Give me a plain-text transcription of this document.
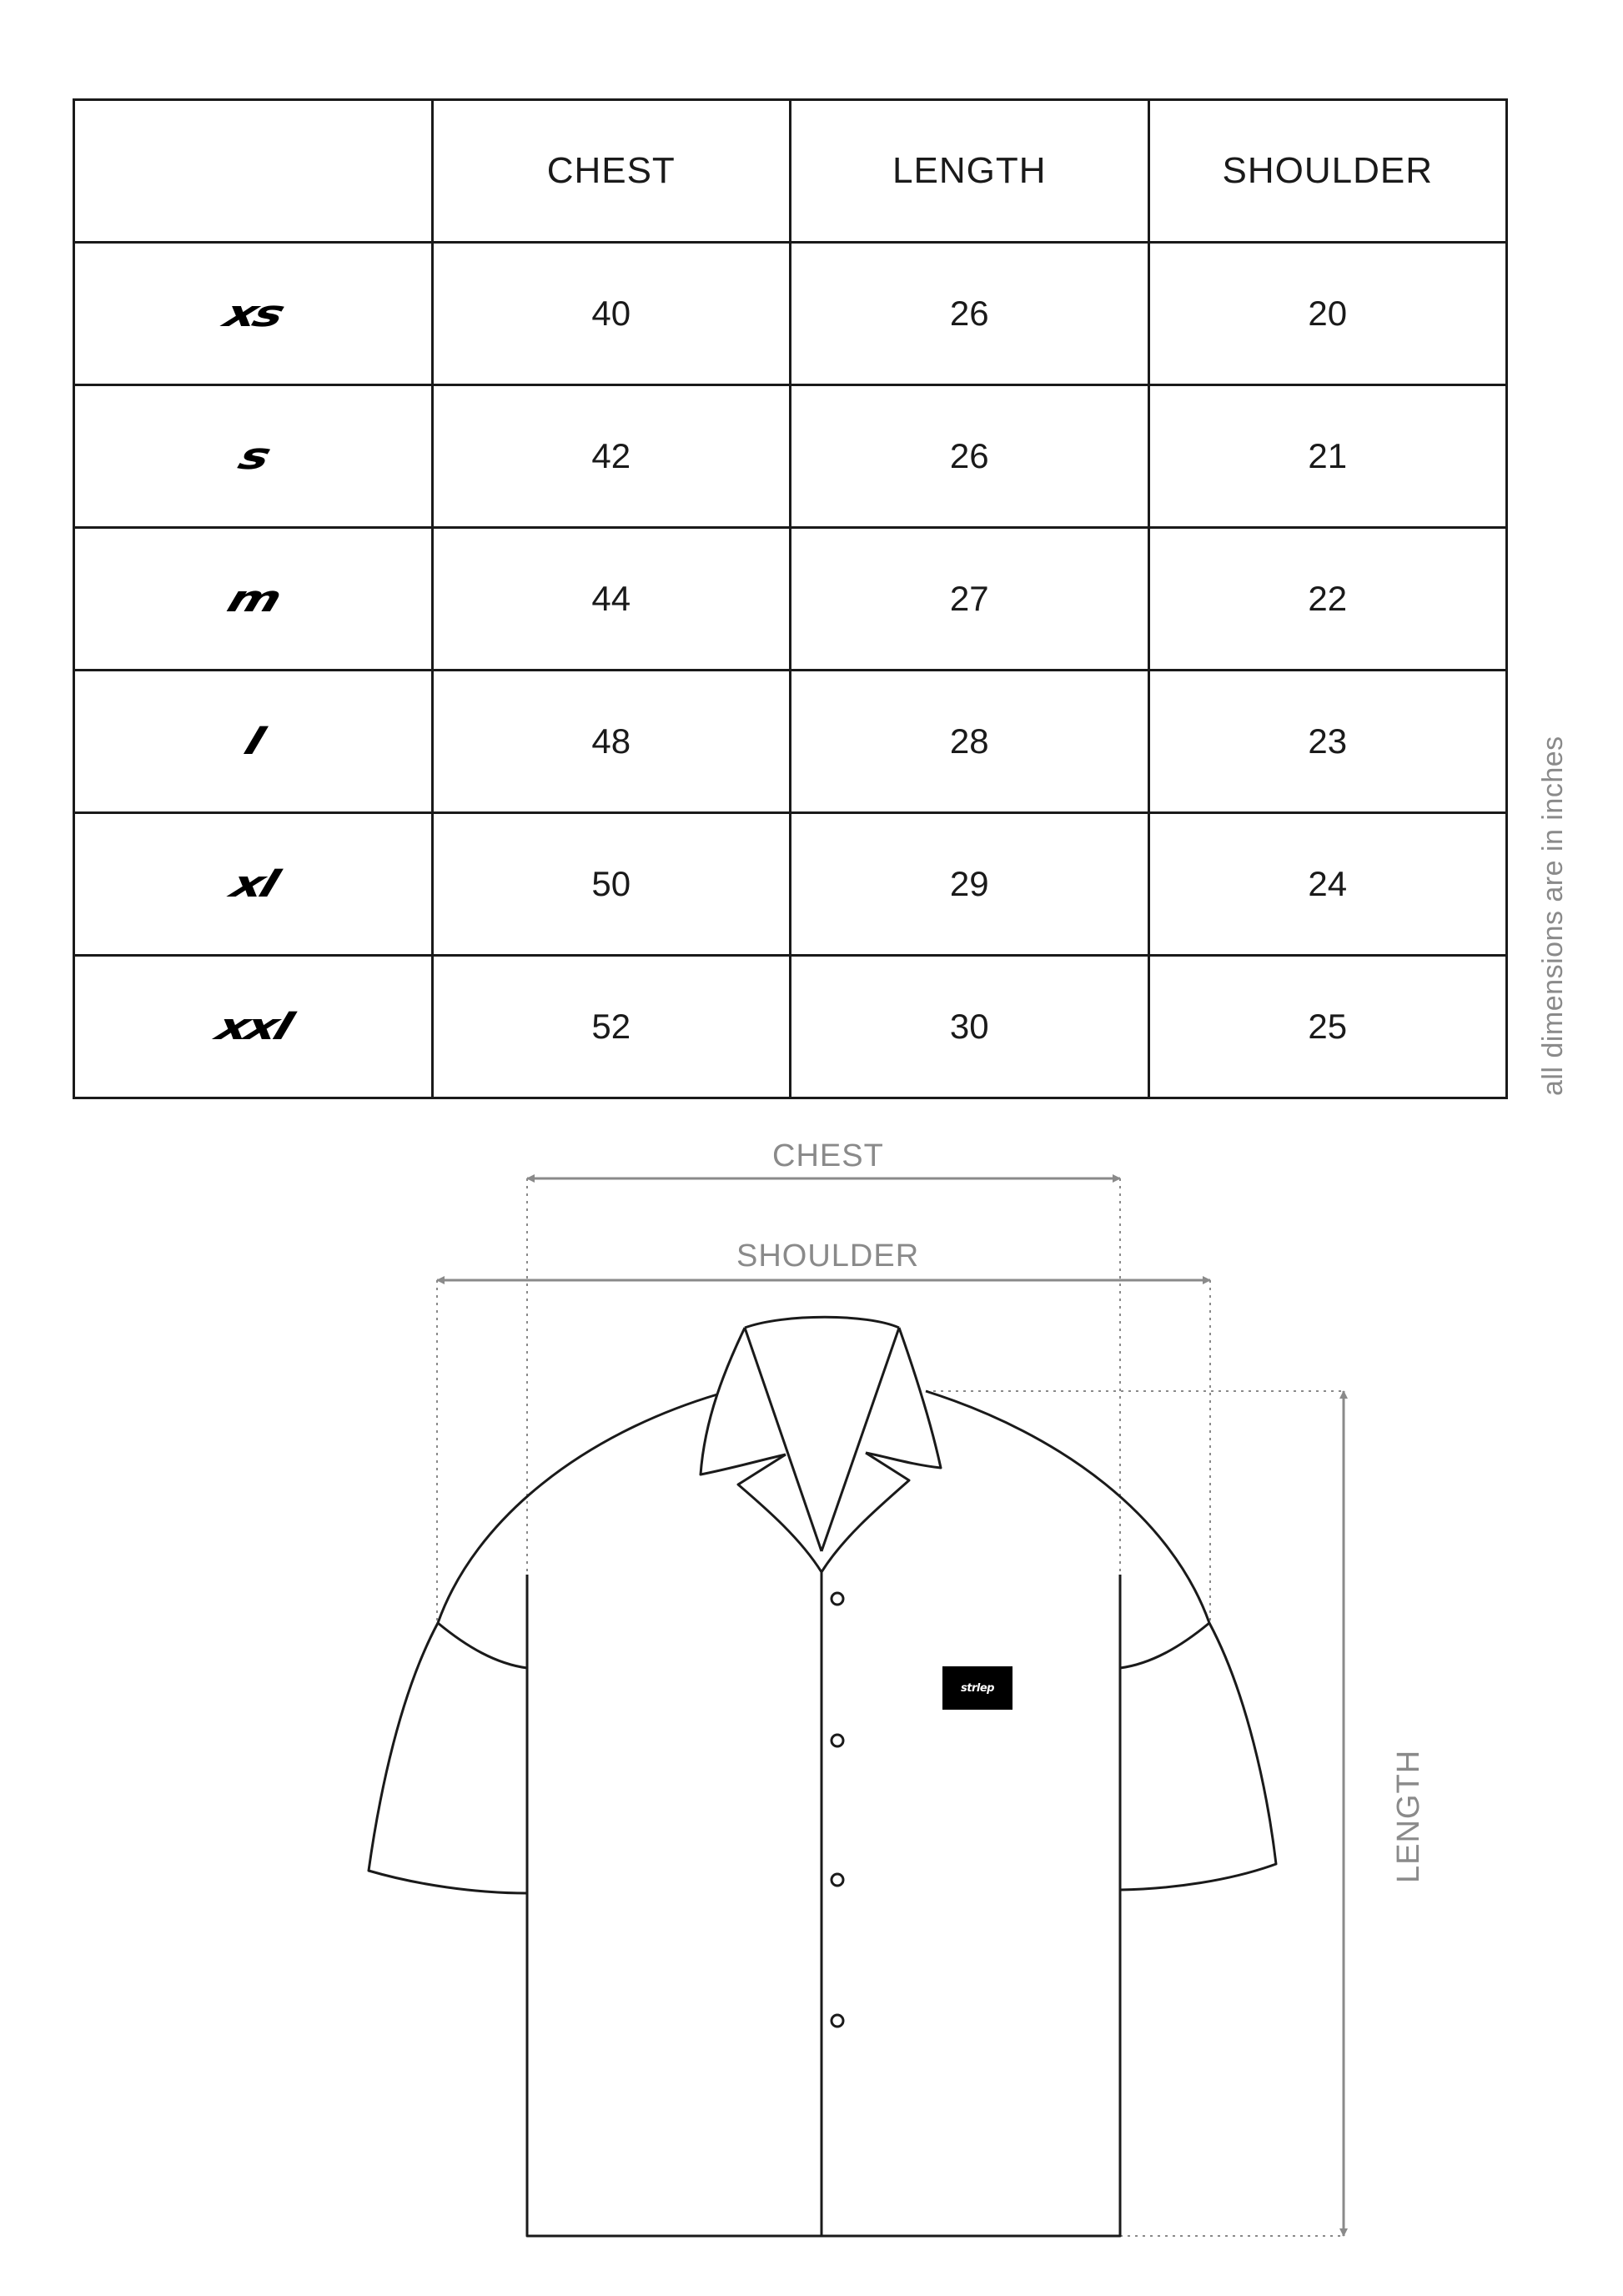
	CHEST	LENGTH	SHOULDER
xs	40	26	20
s	42	26	21
m	44	27	22
l	48	28	23
xl	50	29	24
xxl	52	30	25	all dimensions are in inches
CHEST
SHOULDER
LENGTH
strlep
